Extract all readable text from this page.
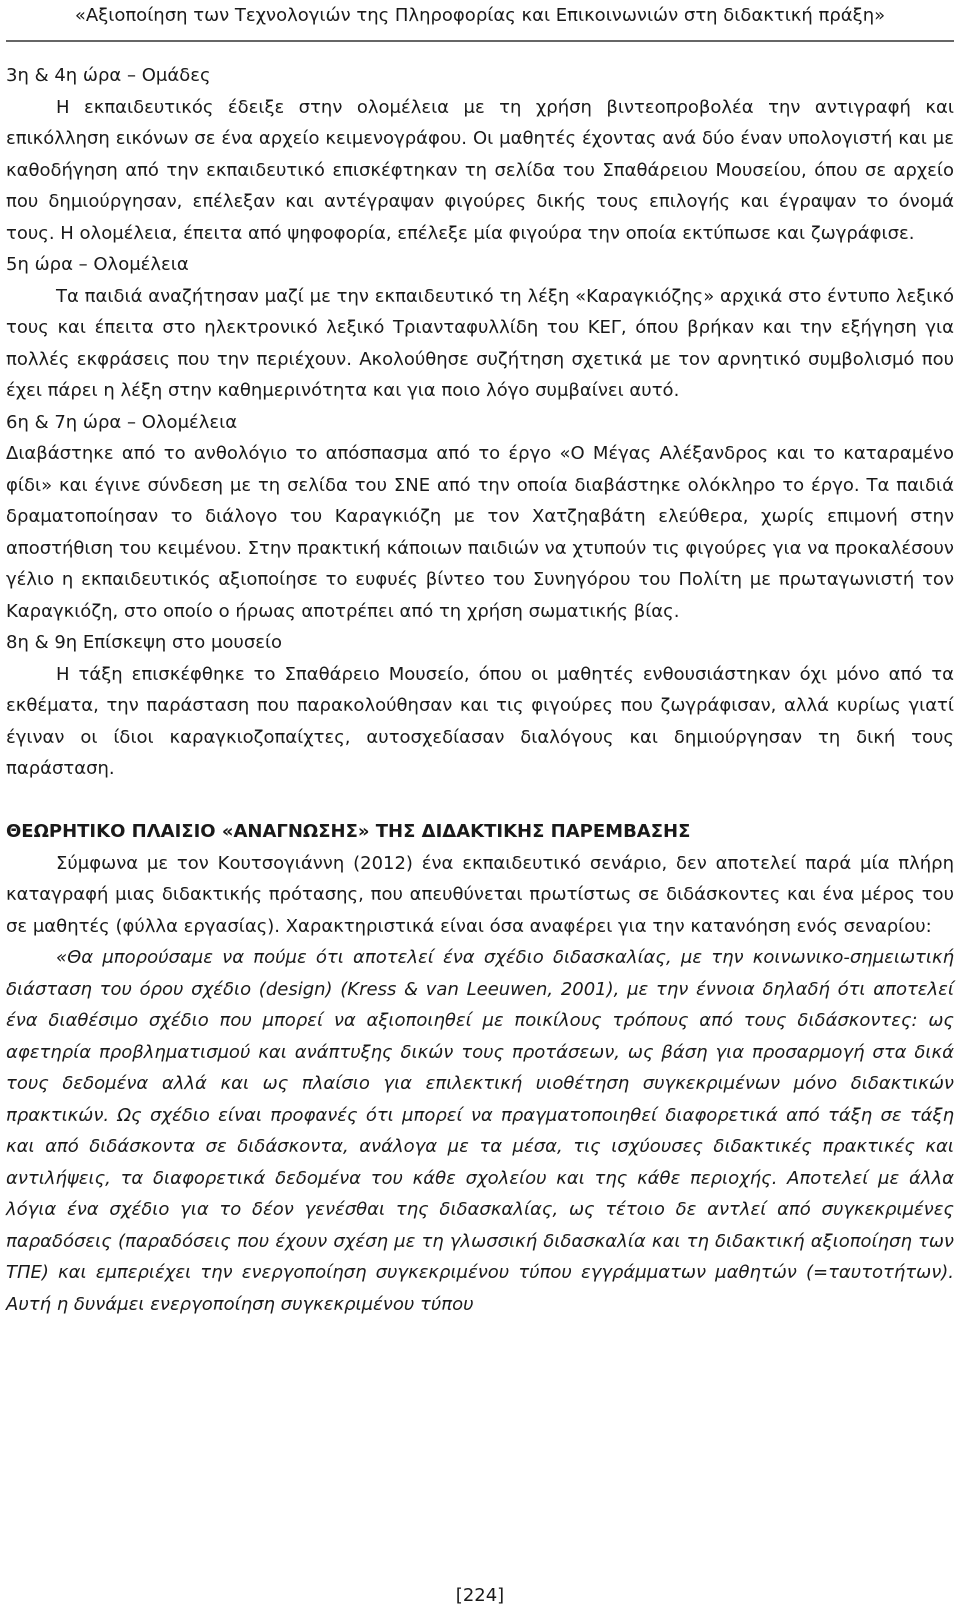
«Αξιοποίηση των Τεχνολογιών της Πληροφορίας και Επικοινωνιών στη διδακτική πράξη»

3η & 4η ώρα – Ομάδες

Η εκπαιδευτικός έδειξε στην ολομέλεια με τη χρήση βιντεοπροβολέα την αντιγραφή και επικόλληση εικόνων σε ένα αρχείο κειμενογράφου. Οι μαθητές έχοντας ανά δύο έναν υπολογιστή και με καθοδήγηση από την εκπαιδευτικό επισκέφτηκαν τη σελίδα του Σπαθάρειου Μουσείου, όπου σε αρχείο που δημιούργησαν, επέλεξαν και αντέγραψαν φιγούρες δικής τους επιλογής και έγραψαν το όνομά τους. Η ολομέλεια, έπειτα από ψηφοφορία, επέλεξε μία φιγούρα την οποία εκτύπωσε και ζωγράφισε.

5η ώρα – Ολομέλεια

Τα παιδιά αναζήτησαν μαζί με την εκπαιδευτικό τη λέξη «Καραγκιόζης» αρχικά στο έντυπο λεξικό τους και έπειτα στο ηλεκτρονικό λεξικό Τριανταφυλλίδη του ΚΕΓ, όπου βρήκαν και την εξήγηση για πολλές εκφράσεις που την περιέχουν. Ακολούθησε συζήτηση σχετικά με τον αρνητικό συμβολισμό που έχει πάρει η λέξη στην καθημερινότητα και για ποιο λόγο συμβαίνει αυτό.

6η & 7η ώρα – Ολομέλεια

Διαβάστηκε από το ανθολόγιο το απόσπασμα από το έργο «Ο Μέγας Αλέξανδρος και το καταραμένο φίδι» και έγινε σύνδεση με τη σελίδα του ΣΝΕ από την οποία διαβάστηκε ολόκληρο το έργο. Τα παιδιά δραματοποίησαν το διάλογο του Καραγκιόζη με τον Χατζηαβάτη ελεύθερα, χωρίς επιμονή στην αποστήθιση του κειμένου. Στην πρακτική κάποιων παιδιών να χτυπούν τις φιγούρες για να προκαλέσουν γέλιο η εκπαιδευτικός αξιοποίησε το ευφυές βίντεο του Συνηγόρου του Πολίτη με πρωταγωνιστή τον Καραγκιόζη, στο οποίο ο ήρωας αποτρέπει από τη χρήση σωματικής βίας.

8η & 9η Επίσκεψη στο μουσείο

Η τάξη επισκέφθηκε το Σπαθάρειο Μουσείο, όπου οι μαθητές ενθουσιάστηκαν όχι μόνο από τα εκθέματα, την παράσταση που παρακολούθησαν και τις φιγούρες που ζωγράφισαν, αλλά κυρίως γιατί έγιναν οι ίδιοι καραγκιοζοπαίχτες, αυτοσχεδίασαν διαλόγους και δημιούργησαν τη δική τους παράσταση.

ΘΕΩΡΗΤΙΚΟ ΠΛΑΙΣΙΟ «ΑΝΑΓΝΩΣΗΣ» ΤΗΣ ΔΙΔΑΚΤΙΚΗΣ ΠΑΡΕΜΒΑΣΗΣ

Σύμφωνα με τον Κουτσογιάννη (2012) ένα εκπαιδευτικό σενάριο, δεν αποτελεί παρά μία πλήρη καταγραφή μιας διδακτικής πρότασης, που απευθύνεται πρωτίστως σε διδάσκοντες και ένα μέρος του σε μαθητές (φύλλα εργασίας). Χαρακτηριστικά είναι όσα αναφέρει για την κατανόηση ενός σεναρίου:

«Θα μπορούσαμε να πούμε ότι αποτελεί ένα σχέδιο διδασκαλίας, με την κοινωνικο-σημειωτική διάσταση του όρου σχέδιο (design) (Kress & van Leeuwen, 2001), με την έννοια δηλαδή ότι αποτελεί ένα διαθέσιμο σχέδιο που μπορεί να αξιοποιηθεί με ποικίλους τρόπους από τους διδάσκοντες: ως αφετηρία προβληματισμού και ανάπτυξης δικών τους προτάσεων, ως βάση για προσαρμογή στα δικά τους δεδομένα αλλά και ως πλαίσιο για επιλεκτική υιοθέτηση συγκεκριμένων μόνο διδακτικών πρακτικών. Ως σχέδιο είναι προφανές ότι μπορεί να πραγματοποιηθεί διαφορετικά από τάξη σε τάξη και από διδάσκοντα σε διδάσκοντα, ανάλογα με τα μέσα, τις ισχύουσες διδακτικές πρακτικές και αντιλήψεις, τα διαφορετικά δεδομένα του κάθε σχολείου και της κάθε περιοχής. Αποτελεί με άλλα λόγια ένα σχέδιο για το δέον γενέσθαι της διδασκαλίας, ως τέτοιο δε αντλεί από συγκεκριμένες παραδόσεις (παραδόσεις που έχουν σχέση με τη γλωσσική διδασκαλία και τη διδακτική αξιοποίηση των ΤΠΕ) και εμπεριέχει την ενεργοποίηση συγκεκριμένου τύπου εγγράμματων μαθητών (=ταυτοτήτων). Αυτή η δυνάμει ενεργοποίηση συγκεκριμένου τύπου

[224]
